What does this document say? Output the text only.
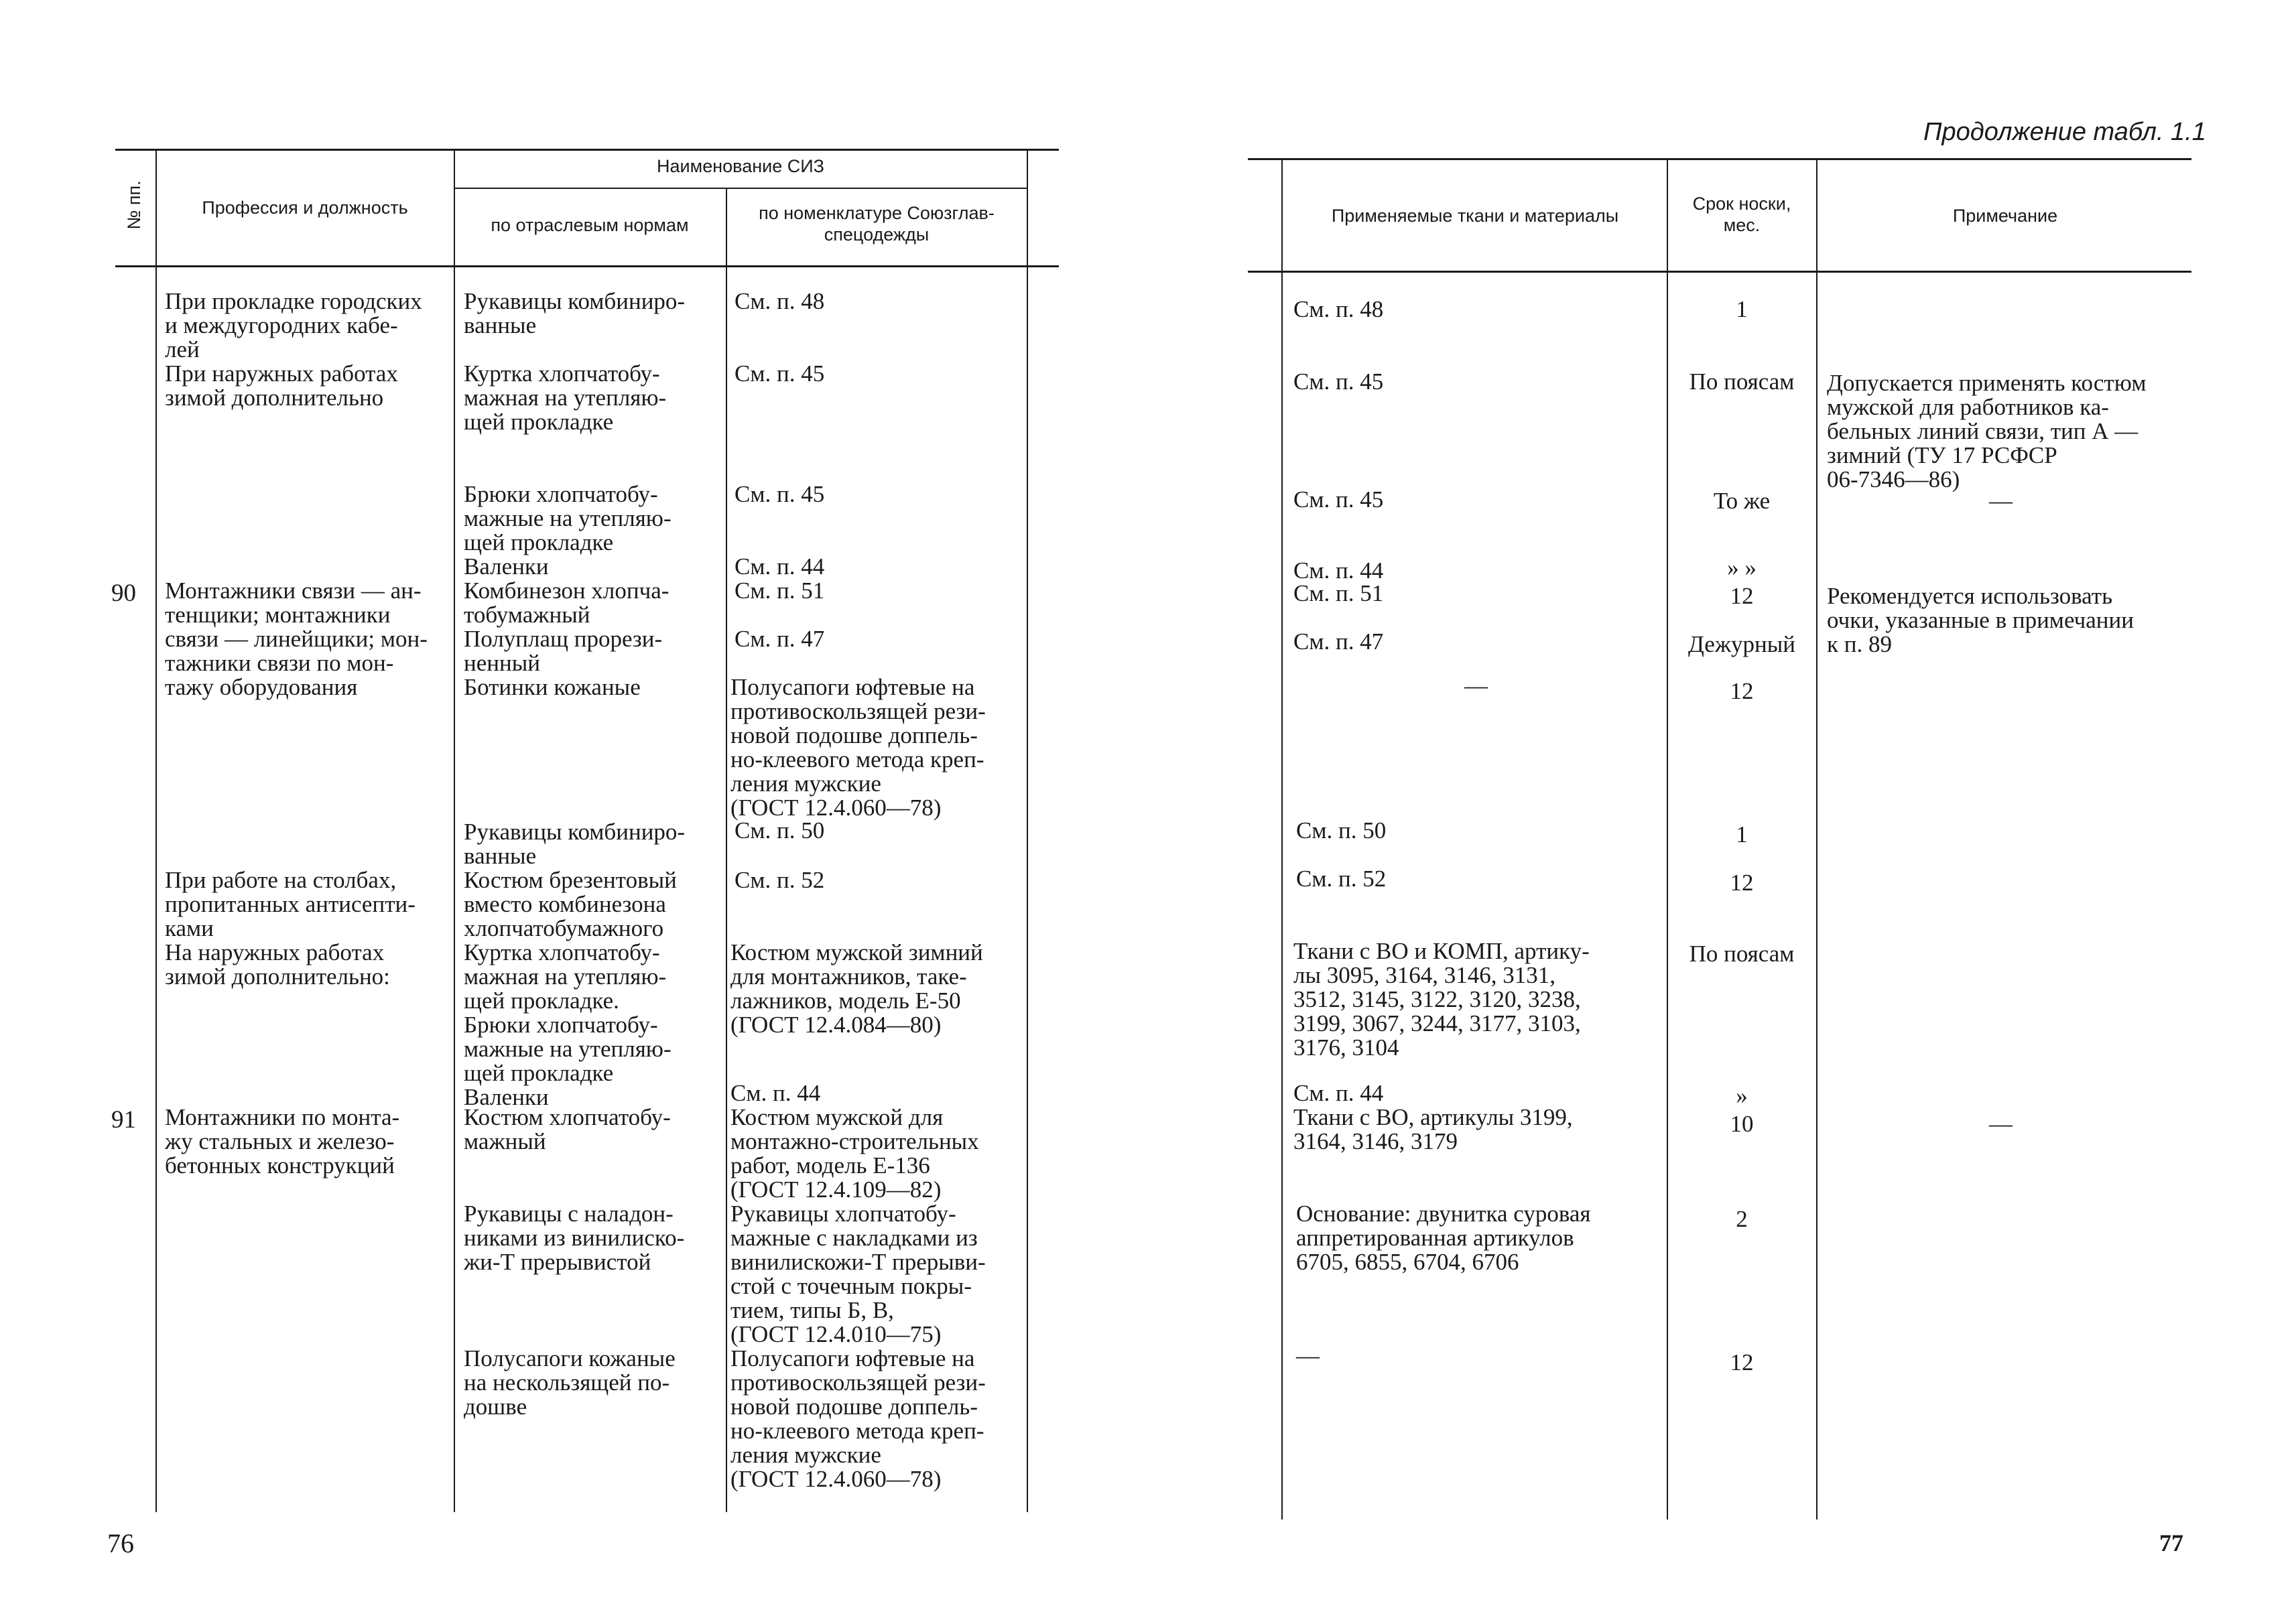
№ пп.	Профессия и должность
Наименование СИЗ
по отраслевым нормам
по номенклатуре Союзглав-
спецодежды
90
91
При прокладке городских
и междугородних кабе-
лей
При наружных работах
зимой дополнительно
Монтажники связи — ан-
тенщики; монтажники
связи — линейщики; мон-
тажники связи по мон-
тажу оборудования
При работе на столбах,
пропитанных антисепти-
ками
На наружных работах
зимой дополнительно:
Монтажники по монта-
жу стальных и железо-
бетонных конструкций
Рукавицы комбиниро-
ванные
Куртка хлопчатобу-
мажная на утепляю-
щей прокладке
Брюки хлопчатобу-
мажные на утепляю-
щей прокладке
Валенки
Комбинезон хлопча-
тобумажный
Полуплащ прорези-
ненный
Ботинки кожаные
Рукавицы комбиниро-
ванные
Костюм брезентовый
вместо комбинезона
хлопчатобумажного
Куртка хлопчатобу-
мажная на утепляю-
щей прокладке.
Брюки хлопчатобу-
мажные на утепляю-
щей прокладке
Валенки
Костюм хлопчатобу-
мажный
Рукавицы с наладон-
никами из винилиско-
жи-Т прерывистой
Полусапоги кожаные
на нескользящей по-
дошве
См. п. 48
См. п. 45
См. п. 45
См. п. 44
См. п. 51
См. п. 47
Полусапоги юфтевые на
противоскользящей рези-
новой подошве доппель-
но-клеевого метода креп-
ления мужские
(ГОСТ 12.4.060—78)
См. п. 50
См. п. 52
Костюм мужской зимний
для монтажников, таке-
лажников, модель Е-50
(ГОСТ 12.4.084—80)
См. п. 44
Костюм мужской для
монтажно-строительных
работ, модель Е-136
(ГОСТ 12.4.109—82)
Рукавицы хлопчатобу-
мажные с накладками из
винилискожи-Т прерыви-
стой с точечным покры-
тием, типы Б, В,
(ГОСТ 12.4.010—75)
Полусапоги юфтевые на
противоскользящей рези-
новой подошве доппель-
но-клеевого метода креп-
ления мужские
(ГОСТ 12.4.060—78)
76
Продолжение табл. 1.1
Применяемые ткани и материалы
Срок носки,
мес.	Примечание
См. п. 48
См. п. 45
См. п. 45
См. п. 44
См. п. 51
См. п. 47
—
См. п. 50
См. п. 52
Ткани с ВО и КОМП, артику-
лы 3095, 3164, 3146, 3131,
3512, 3145, 3122, 3120, 3238,
3199, 3067, 3244, 3177, 3103,
3176, 3104
См. п. 44
Ткани с ВО, артикулы 3199,
3164, 3146, 3179
Основание: двунитка суровая
аппретированная артикулов
6705, 6855, 6704, 6706
—
1
По поясам
То же
» »
12
Дежурный
12
1
12
По поясам
»
10
2
12
Допускается применять костюм
мужской для работников ка-
бельных линий связи, тип А —
зимний (ТУ 17 РСФСР
06-7346—86)
—
Рекомендуется использовать
очки, указанные в примечании
к п. 89
—
77
